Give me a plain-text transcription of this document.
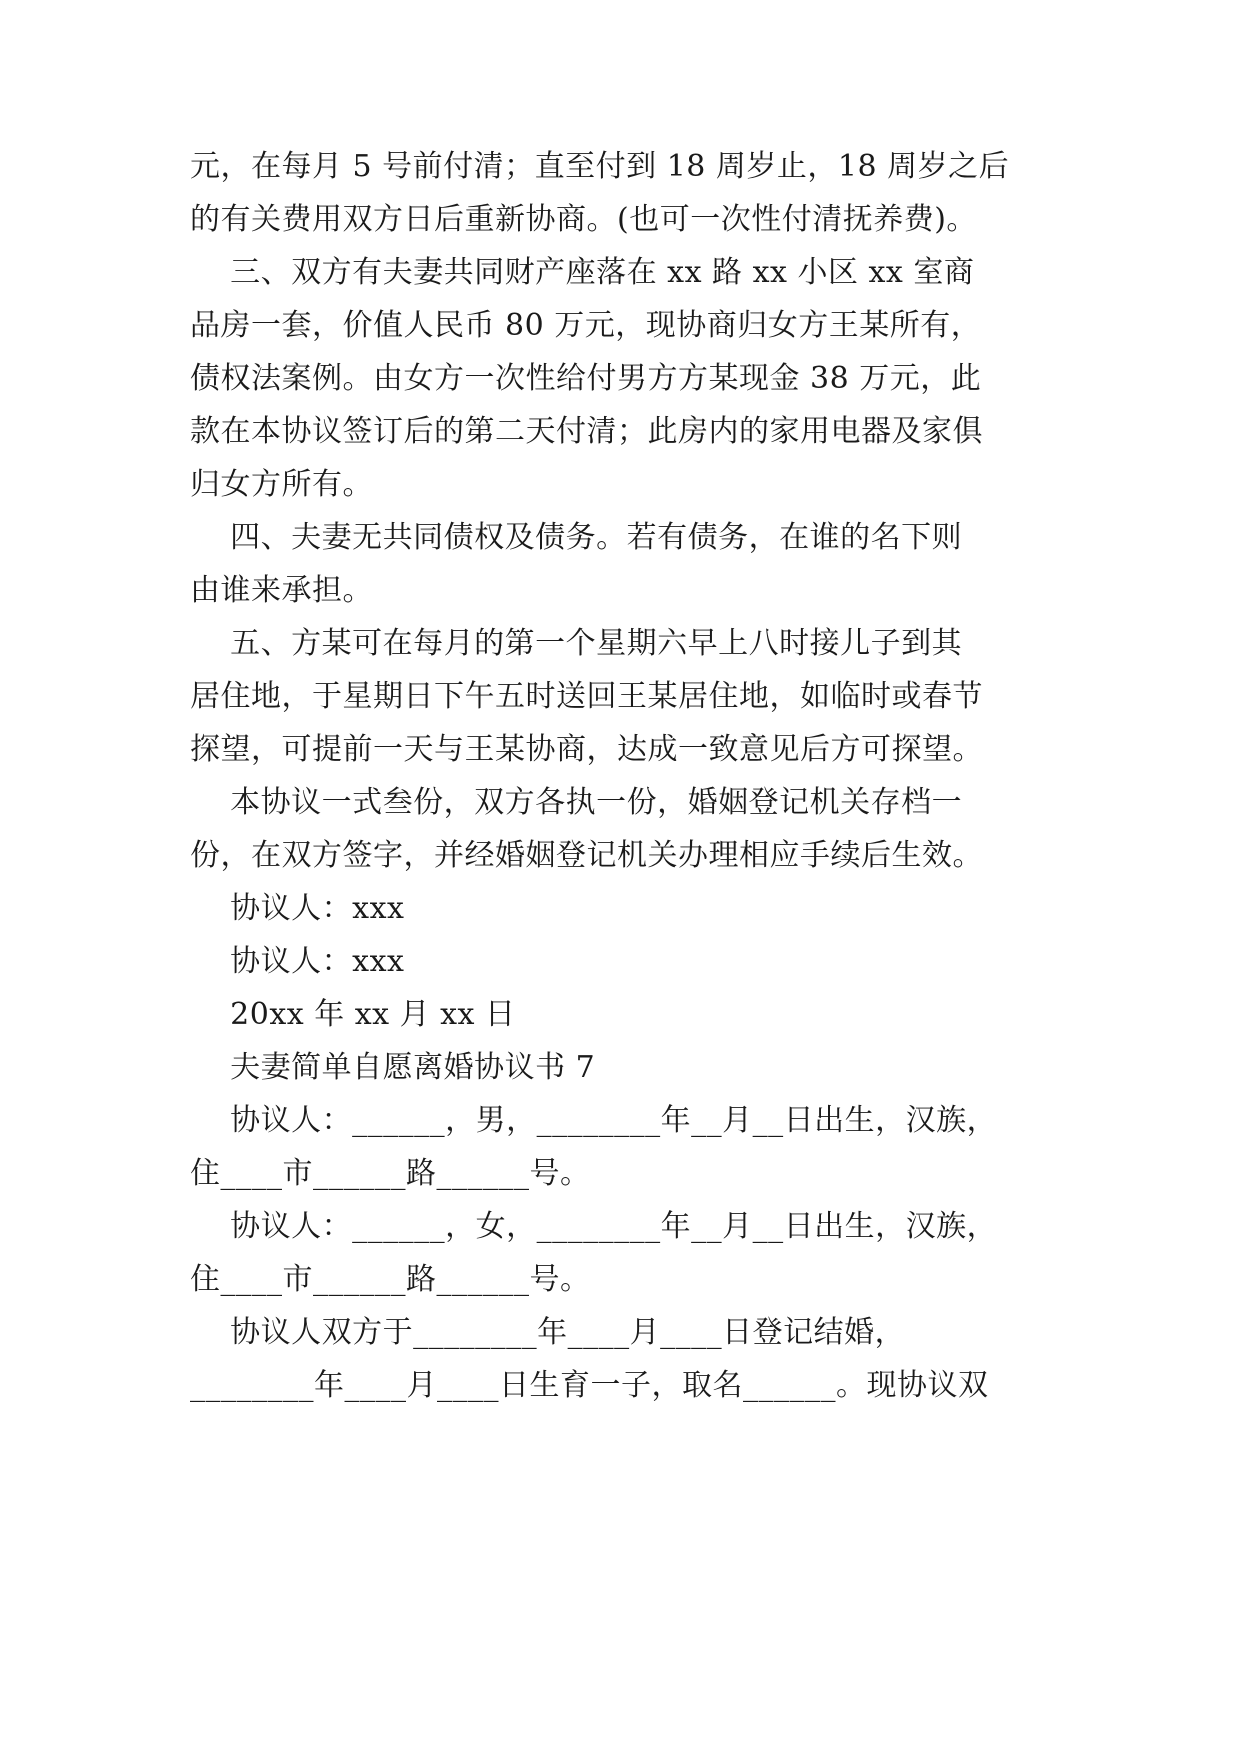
元，在每月 5 号前付清；直至付到 18 周岁止，18 周岁之后
的有关费用双方日后重新协商。(也可一次性付清抚养费)。
三、双方有夫妻共同财产座落在 xx 路 xx 小区 xx 室商
品房一套，价值人民币 80 万元，现协商归女方王某所有，
债权法案例。由女方一次性给付男方方某现金 38 万元，此
款在本协议签订后的第二天付清；此房内的家用电器及家俱
归女方所有。
四、夫妻无共同债权及债务。若有债务，在谁的名下则
由谁来承担。
五、方某可在每月的第一个星期六早上八时接儿子到其
居住地，于星期日下午五时送回王某居住地，如临时或春节
探望，可提前一天与王某协商，达成一致意见后方可探望。
本协议一式叁份，双方各执一份，婚姻登记机关存档一
份，在双方签字，并经婚姻登记机关办理相应手续后生效。
协议人：xxx
协议人：xxx
20xx 年 xx 月 xx 日
夫妻简单自愿离婚协议书 7
协议人：______，男，________年__月__日出生，汉族，
住____市______路______号。
协议人：______，女，________年__月__日出生，汉族，
住____市______路______号。
协议人双方于________年____月____日登记结婚，
________年____月____日生育一子，取名______。现协议双
